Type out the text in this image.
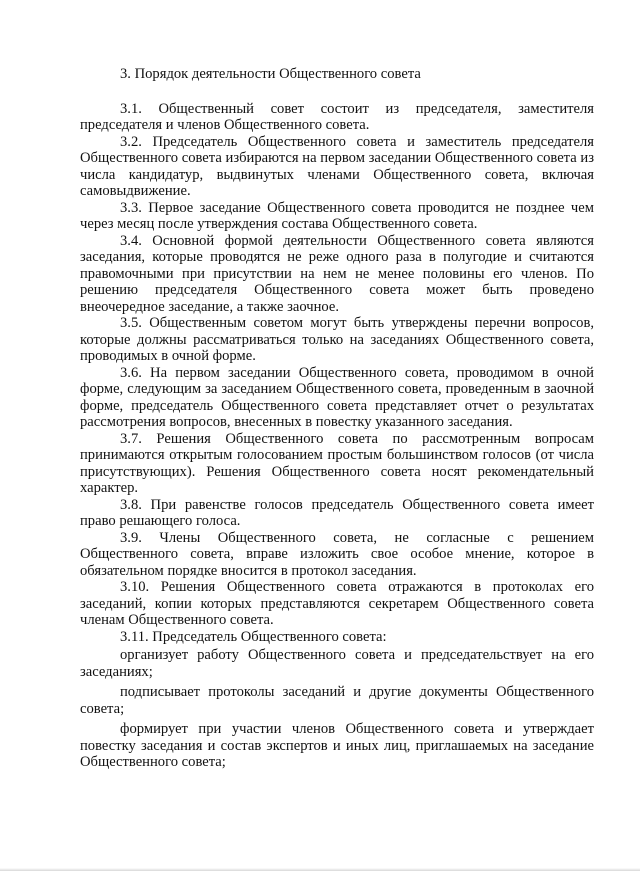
3. Порядок деятельности Общественного совета

3.1. Общественный совет состоит из председателя, заместителя председателя и членов Общественного совета.

3.2. Председатель Общественного совета и заместитель председателя Общественного совета избираются на первом заседании Общественного совета из числа кандидатур, выдвинутых членами Общественного совета, включая самовыдвижение.

3.3. Первое заседание Общественного совета проводится не позднее чем через месяц после утверждения состава Общественного совета.

3.4. Основной формой деятельности Общественного совета являются заседания, которые проводятся не реже одного раза в полугодие и считаются правомочными при присутствии на нем не менее половины его членов. По решению председателя Общественного совета может быть проведено внеочередное заседание, а также заочное.

3.5. Общественным советом могут быть утверждены перечни вопросов, которые должны рассматриваться только на заседаниях Общественного совета, проводимых в очной форме.

3.6. На первом заседании Общественного совета, проводимом в очной форме, следующим за заседанием Общественного совета, проведенным в заочной форме, председатель Общественного совета представляет отчет о результатах рассмотрения вопросов, внесенных в повестку указанного заседания.

3.7. Решения Общественного совета по рассмотренным вопросам принимаются открытым голосованием простым большинством голосов (от числа присутствующих). Решения Общественного совета носят рекомендательный характер.

3.8. При равенстве голосов председатель Общественного совета имеет право решающего голоса.

3.9. Члены Общественного совета, не согласные с решением Общественного совета, вправе изложить свое особое мнение, которое в обязательном порядке вносится в протокол заседания.

3.10. Решения Общественного совета отражаются в протоколах его заседаний, копии которых представляются секретарем Общественного совета членам Общественного совета.

3.11. Председатель Общественного совета:

организует работу Общественного совета и председательствует на его заседаниях;

подписывает протоколы заседаний и другие документы Общественного совета;

формирует при участии членов Общественного совета и утверждает повестку заседания и состав экспертов и иных лиц, приглашаемых на заседание Общественного совета;
